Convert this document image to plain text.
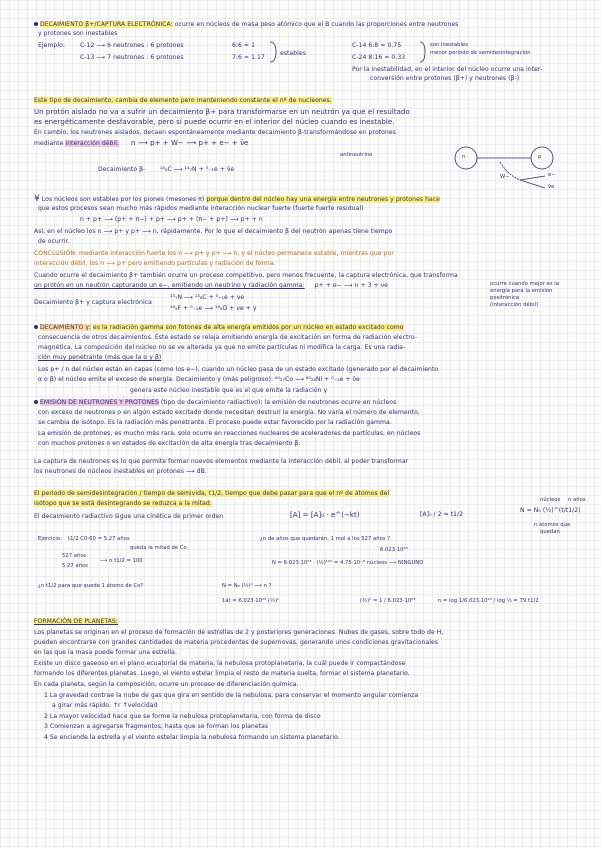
DECAIMIENTO β+/CAPTURA ELECTRÓNICA: ocurre en núcleos de masa peso atómico que el B cuando las proporciones entre neutrones
y protones son inestables
Ejemplo: C-12 ⟶ 6 neutrones : 6 protones	6:6 = 1
C-13 ⟶ 7 neutrones : 6 protones	7:6 = 1.17
estables
C-14 6:8 = 0.75
C-24 8:16 = 0.33
son inestables
menor periodo de semidesintegración
Por la inestabilidad, en el interior del núcleo ocurre una inter-
conversión entre protones (β+) y neutrones (β-)
Este tipo de decaimiento, cambia de elemento pero manteniendo constante el nº de nucleones.
Un protón aislado no va a sufrir un decaimiento β+ para transformarse en un neutrón ya que el resultado
es energéticamente desfavorable, pero sí puede ocurrir en el interior del núcleo cuando es inestable.
En cambio, los neutrones aislados, decaen espontáneamente mediante decaimiento β-transformándose en protones
mediante interacción débil. n ⟶ p+ + W− ⟶ p+ + e− + ν̄e
antineutrino
Decaimiento β- ¹⁴₆C ⟶ ¹⁴₇N + ⁰₋₁e + ν̄e
n	p
W−	e−
ν̄e
¥ Los núcleos son estables por los piones (mesones π) porque dentro del núcleo hay una energía entre neutrones y protones hace
que estos procesos sean mucho más rápidos mediante interacción nuclear fuerte (fuerte fuerte residual)
n + p+ ⟶ (p+ + π−) + p+ ⟶ p+ + (π− + p+) ⟶ p+ + n
Así, en el núcleo los n ⟶ p+ y p+ ⟶ n, rápidamente. Por lo que el decaimiento β del neutrón apenas tiene tiempo
de ocurrir.
CONCLUSIÓN: mediante interacción fuerte los n ⟶ p+ y p+ ⟶ n, y el núcleo permanece estable, mientras que por
interacción débil, los n ⟶ p+ pero emitiendo partículas y radiación de forma.
Cuando ocurre el decaimiento β+ también ocurre un proceso competitivo, pero menos frecuente, la captura electrónica, que transforma
un protón en un neutrón capturando un e−, emitiendo un neutrino y radiación gamma: p+ + e− ⟶ n + 3 + νe	ocurre cuando mejor es la
energía para la emisión
positrónica
(interacción débil)
Decaimiento β+ y captura electrónica
¹³₇N ⟶ ¹³₆C + ⁰₊₁e + νe
¹⁸₉F + ⁰₋₁e ⟶ ¹⁸₈O + νe + γ
DECAIMIENTO γ: es la radiación gamma son fotones de alta energía emitidos por un núcleo en estado excitado como
consecuencia de otros decaimientos. Este estado se relaja emitiendo energía de excitación en forma de radiación electro-
magnética. La composición del núcleo no se ve alterada ya que no emite partículas ni modifica la carga. Es una radia-
ción muy penetrante (más que la α y β)
Los p+ / n del núcleo están en capas (como los e−), cuando un núcleo pasa de un estado excitado (generado por el decaimiento
α o β) el núcleo emite el exceso de energía. Decaimiento γ (más peligroso): ⁶⁰₂₇Co ⟶ ⁶⁰₂₈Ni + ⁰₋₁e + ν̄e
genera este núcleo inestable que es el que emite la radiación γ
EMISIÓN DE NEUTRONES Y PROTONES (tipo de decaimiento radiactivo): la emisión de neutrones ocurre en núcleos
con exceso de neutrones o en algún estado excitado donde necesitan destruir la energía. No varía el número de elemento,
se cambia de isótopo. Es la radiación más penetrante. El proceso puede estar favorecido por la radiación gamma.
La emisión de protones, es mucho más rara, solo ocurre en reacciones nucleares de aceleradores de partículas, en núcleos
con muchos protones o en estados de excitación de alta energía tras decaimiento β.
La captura de neutrones es lo que permite formar nuevos elementos mediante la interacción débil, al poder transformar
los neutrones de núcleos inestables en protones ⟶ dB.
El periodo de semidesintegración / tiempo de semivida, t1/2, tiempo que debe pasar para que el nº de átomos del
isótopo que se está desintegrando se reduzca a la mitad.
El decaimiento radiactivo sigue una cinética de primer orden	[A] = [A]₀ · e^(−kt)	[A]₀ / 2 = t1/2
núcleos
N = N₀ (½)^(t/t1/2)
n años
n átomos que
quedan
Ejercicio: t1/2 C0-60 = 5.27 años	¿n de años que quedarán, 1 mol a los 527 años ?
527 años
5.27 años
⟶ n t1/2 = 100
queda la mitad de Co	6.023·10²³
N = 6.023·10²³ · (½)¹⁰⁰ = 4.75·10⁻⁸ núcleos ⟶ NINGUNO
¿n t1/2 para que quede 1 átomo de Co?	N = N₀ (½)ⁿ ⟶ n ?
1át = 6.023·10²³ (½)ⁿ	(½)ⁿ = 1 / 6.023·10²³	n = log 1/6.023·10²³ / log ½ = 79 t1/2
FORMACIÓN DE PLANETAS:
Los planetas se originan en el proceso de formación de estrellas de 2 y posteriores generaciones. Nubes de gases, sobre todo de H,
pueden encontrarse con grandes cantidades de materia procedentes de supernovas, generando unos condiciones gravitacionales
en las que la masa puede formar una estrella.
Existe un disco gaseoso en el plano ecuatorial de materia, la nebulosa protoplanetaria, la cuál puede ir compactándose
formando los diferentes planetas. Luego, el viento estelar limpia el resto de materia suelta, formar el sistema planetario.
En cada planeta, según la composición, ocurre un proceso de diferenciación química.
1 La gravedad contrae la nube de gas que gira en sentido de la nebulosa, para conservar el momento angular comienza
a girar más rápido. ↑r ↑velocidad
2 La mayor velocidad hace que se forme la nebulosa protoplanetaria, con forma de disco
3 Comienzan a agregarse fragmentos, hasta que se forman los planetas
4 Se enciende la estrella y el viento estelar limpia la nebulosa formando un sistema planetario.
